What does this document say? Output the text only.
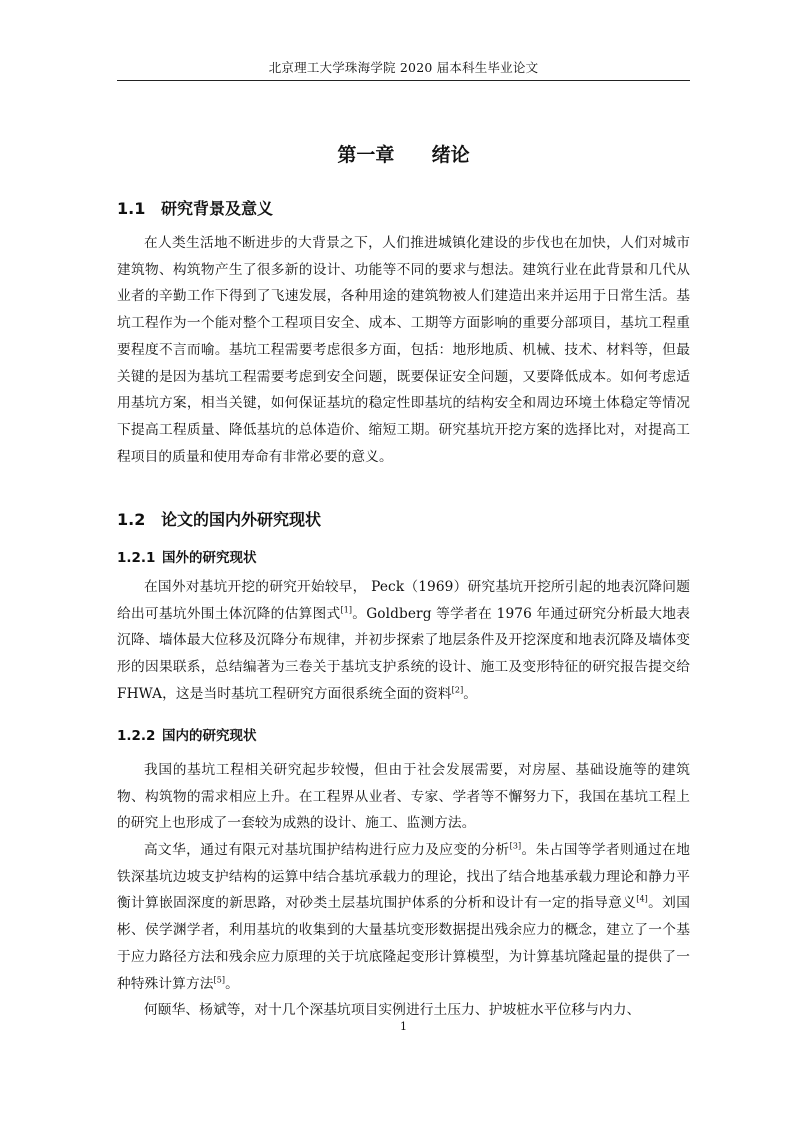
北京理工大学珠海学院 2020 届本科生毕业论文
第一章  绪论
1.1 研究背景及意义

在人类生活地不断进步的大背景之下，人们推进城镇化建设的步伐也在加快，人们对城市建筑物、构筑物产生了很多新的设计、功能等不同的要求与想法。建筑行业在此背景和几代从业者的辛勤工作下得到了飞速发展，各种用途的建筑物被人们建造出来并运用于日常生活。基坑工程作为一个能对整个工程项目安全、成本、工期等方面影响的重要分部项目，基坑工程重要程度不言而喻。基坑工程需要考虑很多方面，包括：地形地质、机械、技术、材料等，但最关键的是因为基坑工程需要考虑到安全问题，既要保证安全问题，又要降低成本。如何考虑适用基坑方案，相当关键，如何保证基坑的稳定性即基坑的结构安全和周边环境土体稳定等情况下提高工程质量、降低基坑的总体造价、缩短工期。研究基坑开挖方案的选择比对，对提高工程项目的质量和使用寿命有非常必要的意义。

1.2 论文的国内外研究现状
1.2.1 国外的研究现状

在国外对基坑开挖的研究开始较早， Peck（1969）研究基坑开挖所引起的地表沉降问题给出可基坑外围土体沉降的估算图式[1]。Goldberg 等学者在 1976 年通过研究分析最大地表沉降、墙体最大位移及沉降分布规律，并初步探索了地层条件及开挖深度和地表沉降及墙体变形的因果联系，总结编著为三卷关于基坑支护系统的设计、施工及变形特征的研究报告提交给 FHWA，这是当时基坑工程研究方面很系统全面的资料[2]。

1.2.2 国内的研究现状

我国的基坑工程相关研究起步较慢，但由于社会发展需要，对房屋、基础设施等的建筑物、构筑物的需求相应上升。在工程界从业者、专家、学者等不懈努力下，我国在基坑工程上的研究上也形成了一套较为成熟的设计、施工、监测方法。

高文华，通过有限元对基坑围护结构进行应力及应变的分析[3]。朱占国等学者则通过在地铁深基坑边坡支护结构的运算中结合基坑承载力的理论，找出了结合地基承载力理论和静力平衡计算嵌固深度的新思路，对砂类土层基坑围护体系的分析和设计有一定的指导意义[4]。刘国彬、侯学渊学者，利用基坑的收集到的大量基坑变形数据提出残余应力的概念，建立了一个基于应力路径方法和残余应力原理的关于坑底隆起变形计算模型，为计算基坑隆起量的提供了一种特殊计算方法[5]。

何颐华、杨斌等，对十几个深基坑项目实例进行土压力、护坡桩水平位移与内力、

1
